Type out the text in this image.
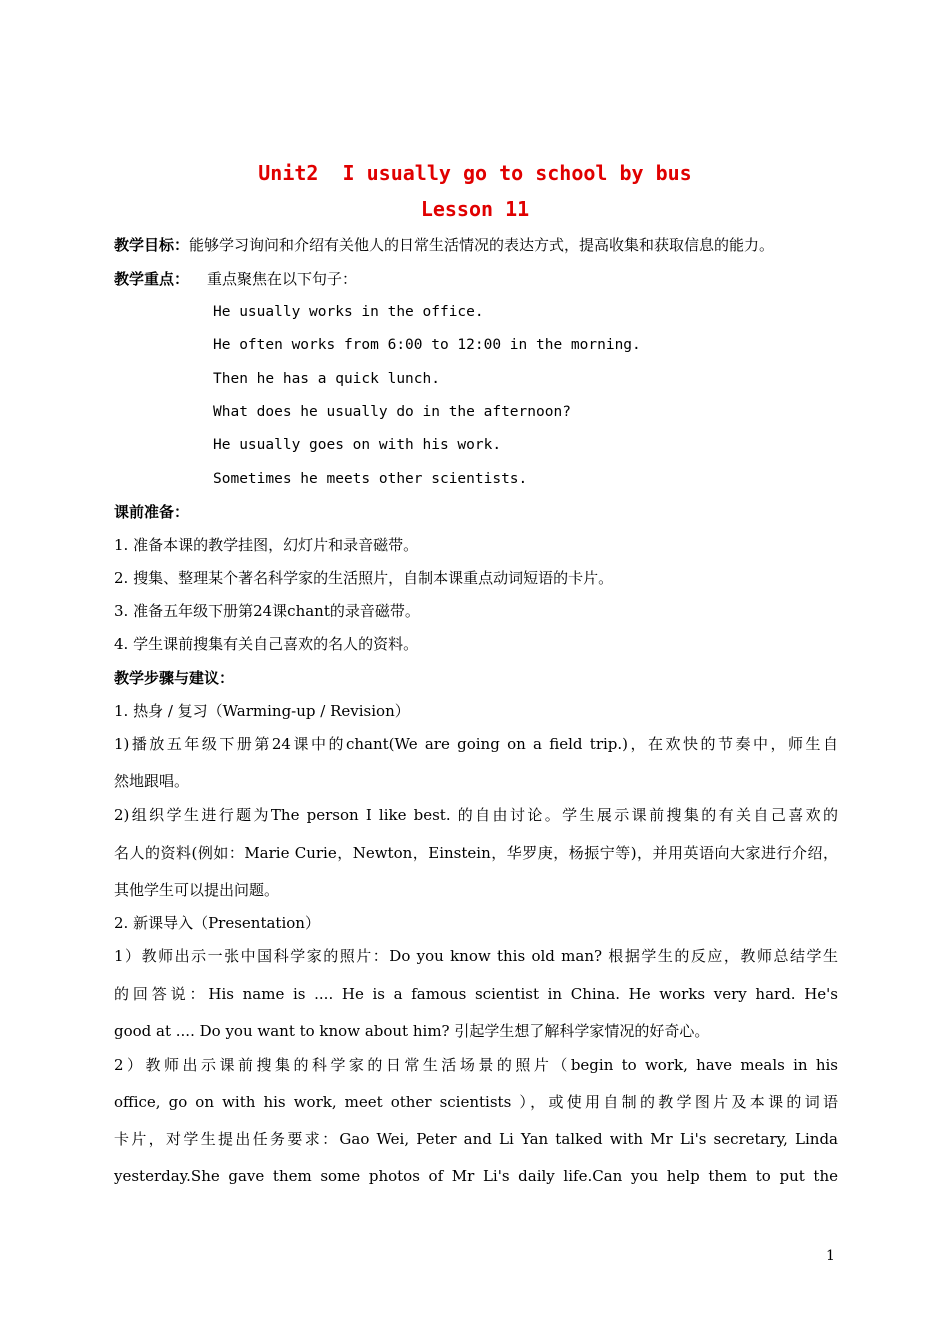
Unit2  I usually go to school by bus
Lesson 11
教学目标：能够学习询问和介绍有关他人的日常生活情况的表达方式，提高收集和获取信息的能力。
教学重点： 重点聚焦在以下句子：
He usually works in the office.
He often works from 6:00 to 12:00 in the morning.
Then he has a quick lunch.
What does he usually do in the afternoon?
He usually goes on with his work.
Sometimes he meets other scientists.
课前准备：
1. 准备本课的教学挂图，幻灯片和录音磁带。
2. 搜集、整理某个著名科学家的生活照片，自制本课重点动词短语的卡片。
3. 准备五年级下册第24课chant的录音磁带。
4. 学生课前搜集有关自己喜欢的名人的资料。
教学步骤与建议：
1. 热身 / 复习（Warming-up / Revision）
1)播放五年级下册第24课中的chant(We are going on a field trip.)，在欢快的节奏中，师生自
然地跟唱。
2)组织学生进行题为The person I like best. 的自由讨论。学生展示课前搜集的有关自己喜欢的
名人的资料(例如：Marie Curie，Newton，Einstein，华罗庚，杨振宁等)，并用英语向大家进行介绍，
其他学生可以提出问题。
2. 新课导入（Presentation）
1）教师出示一张中国科学家的照片：Do you know this old man? 根据学生的反应，教师总结学生
的回答说：His name is .... He is a famous scientist in China. He works very hard. He's
good at .... Do you want to know about him? 引起学生想了解科学家情况的好奇心。
2）教师出示课前搜集的科学家的日常生活场景的照片（begin to work, have meals in his
office, go on with his work, meet other scientists ），或使用自制的教学图片及本课的词语
卡片，对学生提出任务要求：Gao Wei, Peter and Li Yan talked with Mr Li's secretary, Linda
yesterday.She gave them some photos of Mr Li's daily life.Can you help them to put the
1
